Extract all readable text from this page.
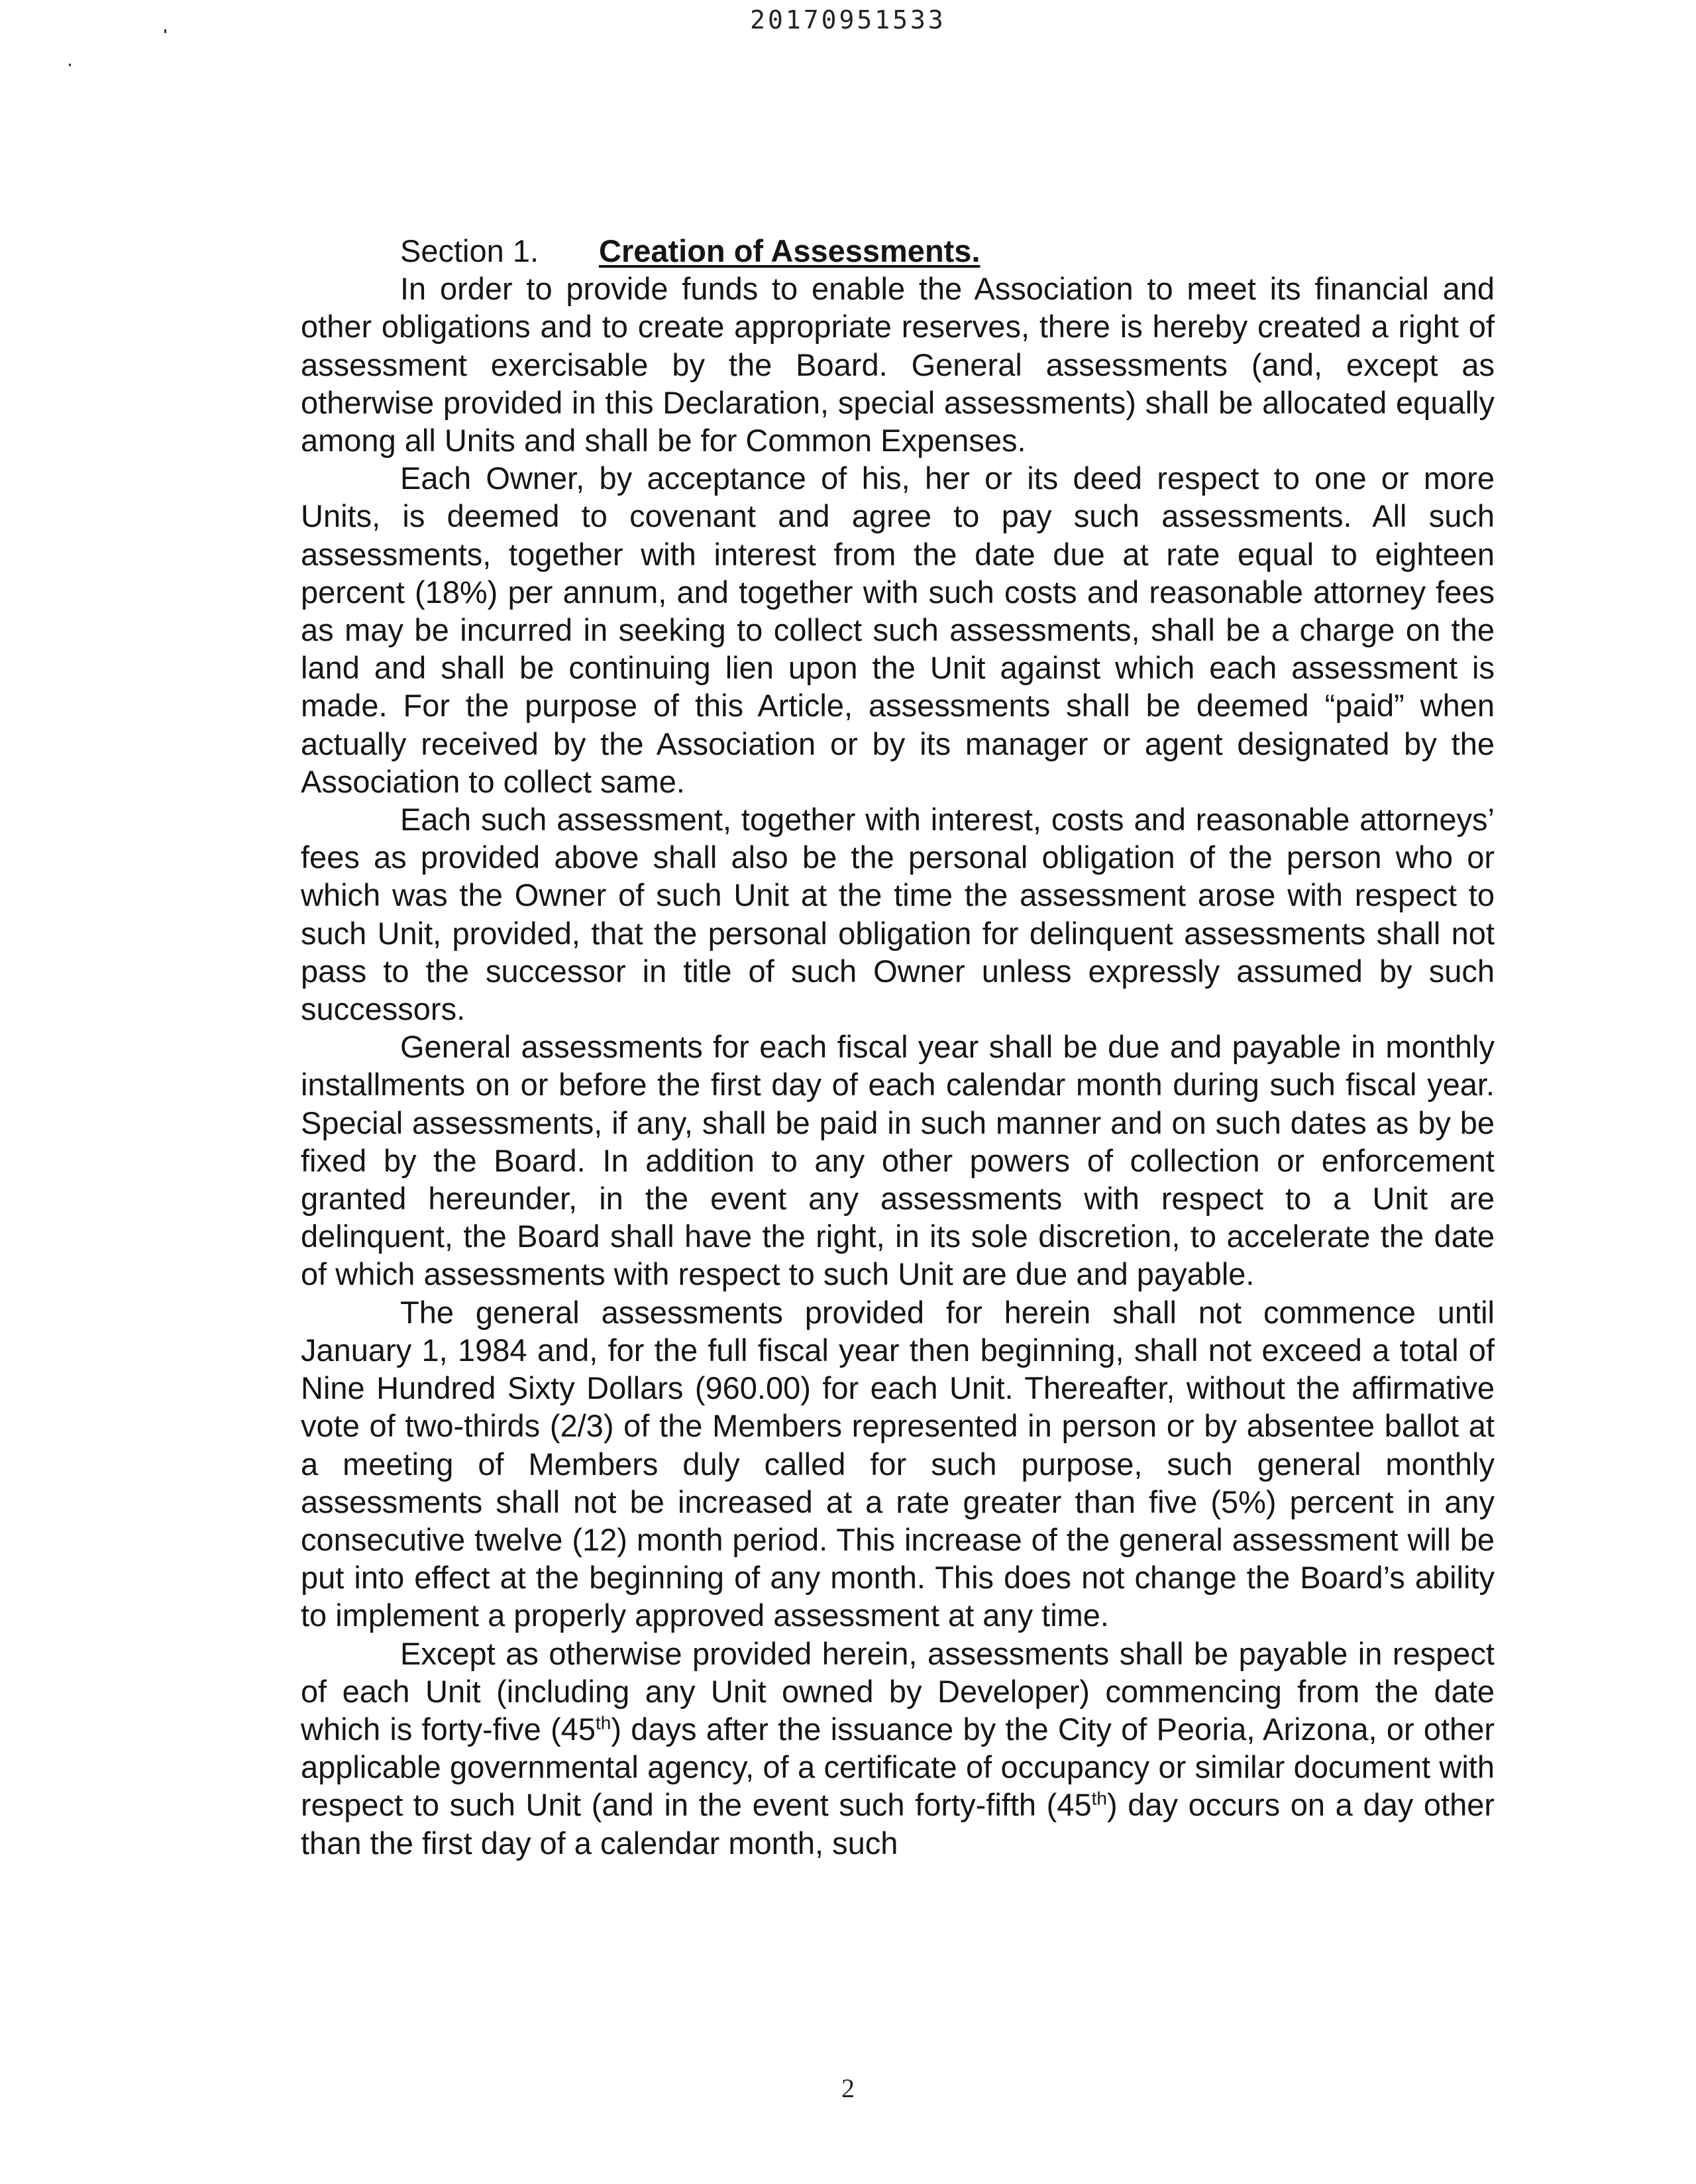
20170951533

Section 1. Creation of Assessments.

In order to provide funds to enable the Association to meet its financial and other obligations and to create appropriate reserves, there is hereby created a right of assessment exercisable by the Board. General assessments (and, except as otherwise provided in this Declaration, special assessments) shall be allocated equally among all Units and shall be for Common Expenses.

Each Owner, by acceptance of his, her or its deed respect to one or more Units, is deemed to covenant and agree to pay such assessments. All such assessments, together with interest from the date due at rate equal to eighteen percent (18%) per annum, and together with such costs and reasonable attorney fees as may be incurred in seeking to collect such assessments, shall be a charge on the land and shall be continuing lien upon the Unit against which each assessment is made. For the purpose of this Article, assessments shall be deemed “paid” when actually received by the Association or by its manager or agent designated by the Association to collect same.

Each such assessment, together with interest, costs and reasonable attorneys’ fees as provided above shall also be the personal obligation of the person who or which was the Owner of such Unit at the time the assessment arose with respect to such Unit, provided, that the personal obligation for delinquent assessments shall not pass to the successor in title of such Owner unless expressly assumed by such successors.

General assessments for each fiscal year shall be due and payable in monthly installments on or before the first day of each calendar month during such fiscal year. Special assessments, if any, shall be paid in such manner and on such dates as by be fixed by the Board. In addition to any other powers of collection or enforcement granted hereunder, in the event any assessments with respect to a Unit are delinquent, the Board shall have the right, in its sole discretion, to accelerate the date of which assessments with respect to such Unit are due and payable.

The general assessments provided for herein shall not commence until January 1, 1984 and, for the full fiscal year then beginning, shall not exceed a total of Nine Hundred Sixty Dollars (960.00) for each Unit. Thereafter, without the affirmative vote of two-thirds (2/3) of the Members represented in person or by absentee ballot at a meeting of Members duly called for such purpose, such general monthly assessments shall not be increased at a rate greater than five (5%) percent in any consecutive twelve (12) month period. This increase of the general assessment will be put into effect at the beginning of any month. This does not change the Board’s ability to implement a properly approved assessment at any time.

Except as otherwise provided herein, assessments shall be payable in respect of each Unit (including any Unit owned by Developer) commencing from the date which is forty-five (45th) days after the issuance by the City of Peoria, Arizona, or other applicable governmental agency, of a certificate of occupancy or similar document with respect to such Unit (and in the event such forty-fifth (45th) day occurs on a day other than the first day of a calendar month, such

2
